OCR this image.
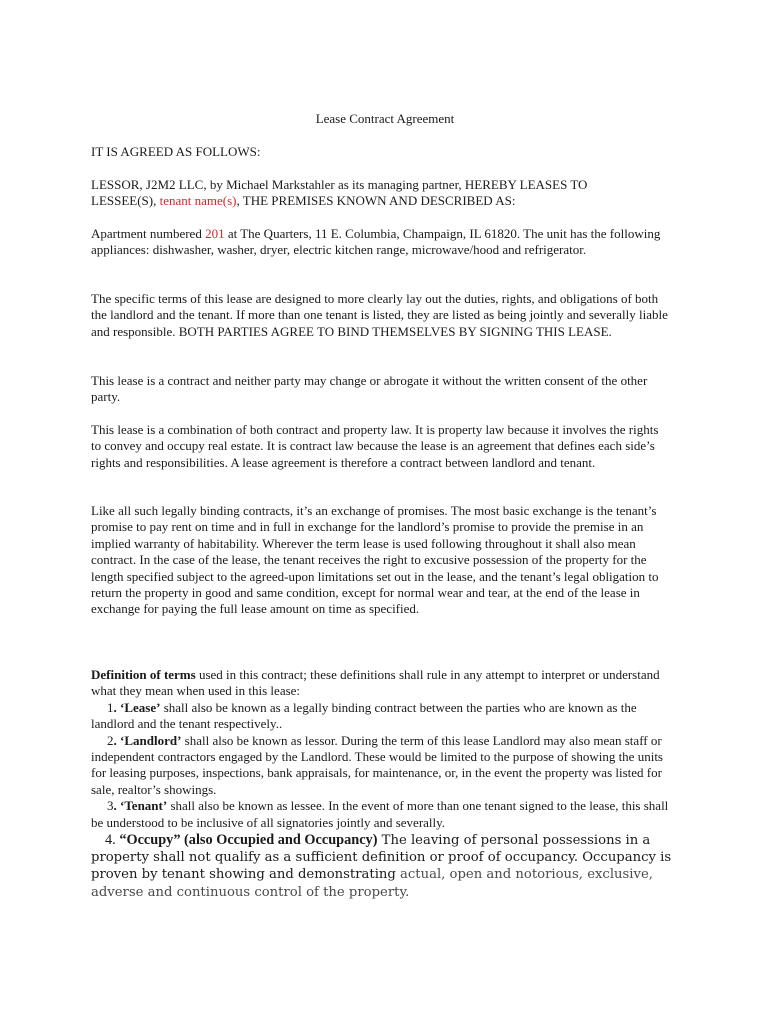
Lease Contract Agreement
IT IS AGREED AS FOLLOWS:
LESSOR, J2M2 LLC, by Michael Markstahler as its managing partner, HEREBY LEASES TO LESSEE(S), tenant name(s), THE PREMISES KNOWN AND DESCRIBED AS:
Apartment numbered 201 at The Quarters, 11 E. Columbia, Champaign, IL 61820. The unit has the following appliances: dishwasher, washer, dryer, electric kitchen range, microwave/hood and refrigerator.
The specific terms of this lease are designed to more clearly lay out the duties, rights, and obligations of both the landlord and the tenant. If more than one tenant is listed, they are listed as being jointly and severally liable and responsible. BOTH PARTIES AGREE TO BIND THEMSELVES BY SIGNING THIS LEASE.
This lease is a contract and neither party may change or abrogate it without the written consent of the other party.
This lease is a combination of both contract and property law. It is property law because it involves the rights to convey and occupy real estate. It is contract law because the lease is an agreement that defines each side’s rights and responsibilities. A lease agreement is therefore a contract between landlord and tenant.
Like all such legally binding contracts, it’s an exchange of promises. The most basic exchange is the tenant’s promise to pay rent on time and in full in exchange for the landlord’s promise to provide the premise in an implied warranty of habitability. Wherever the term lease is used following throughout it shall also mean contract. In the case of the lease, the tenant receives the right to excusive possession of the property for the length specified subject to the agreed-upon limitations set out in the lease, and the tenant’s legal obligation to return the property in good and same condition, except for normal wear and tear, at the end of the lease in exchange for paying the full lease amount on time as specified.
Definition of terms used in this contract; these definitions shall rule in any attempt to interpret or understand what they mean when used in this lease:
1. ‘Lease’ shall also be known as a legally binding contract between the parties who are known as the landlord and the tenant respectively..
2. ‘Landlord’ shall also be known as lessor. During the term of this lease Landlord may also mean staff or independent contractors engaged by the Landlord. These would be limited to the purpose of showing the units for leasing purposes, inspections, bank appraisals, for maintenance, or, in the event the property was listed for sale, realtor’s showings.
3. ‘Tenant’ shall also be known as lessee. In the event of more than one tenant signed to the lease, this shall be understood to be inclusive of all signatories jointly and severally.
4. “Occupy” (also Occupied and Occupancy) The leaving of personal possessions in a property shall not qualify as a sufficient definition or proof of occupancy. Occupancy is proven by tenant showing and demonstrating actual, open and notorious, exclusive, adverse and continuous control of the property.
